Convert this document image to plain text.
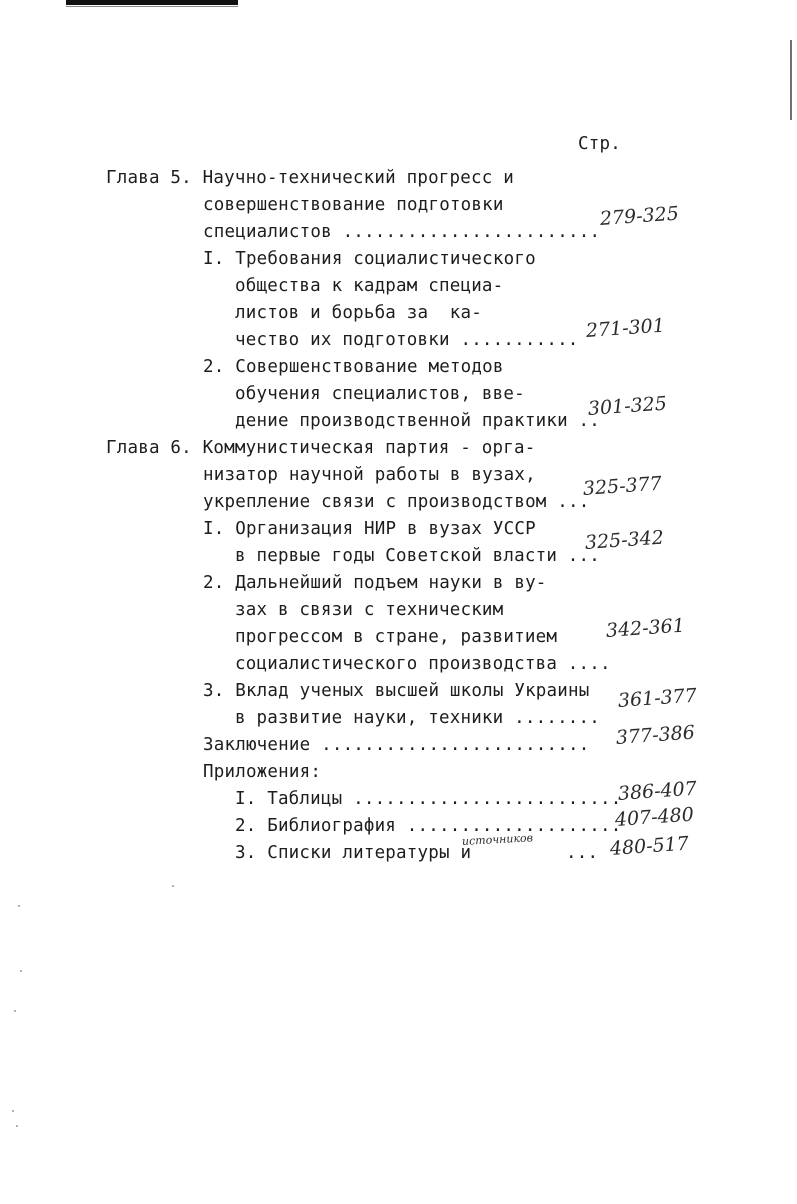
Стр.
Глава 5. Научно-технический прогресс и
совершенствование подготовки
специалистов ........................
I. Требования социалистического
общества к кадрам специа-
листов и борьба за  ка-
чество их подготовки ...........
2. Совершенствование методов
обучения специалистов, вве-
дение производственной практики ..
Глава 6. Коммунистическая партия - орга-
низатор научной работы в вузах,
укрепление связи с производством ...
I. Организация НИР в вузах УССР
в первые годы Советской власти ...
2. Дальнейший подъем науки в ву-
зах в связи с техническим
прогрессом в стране, развитием
социалистического производства ....
3. Вклад ученых высшей школы Украины
в развитие науки, техники ........
Заключение .........................
Приложения:
I. Таблицы .........................
2. Библиография ....................
3. Списки литературы и	...
279-325
271-301
301-325
325-377
325-342
342-361
361-377
377-386
386-407
407-480
480-517
источников
